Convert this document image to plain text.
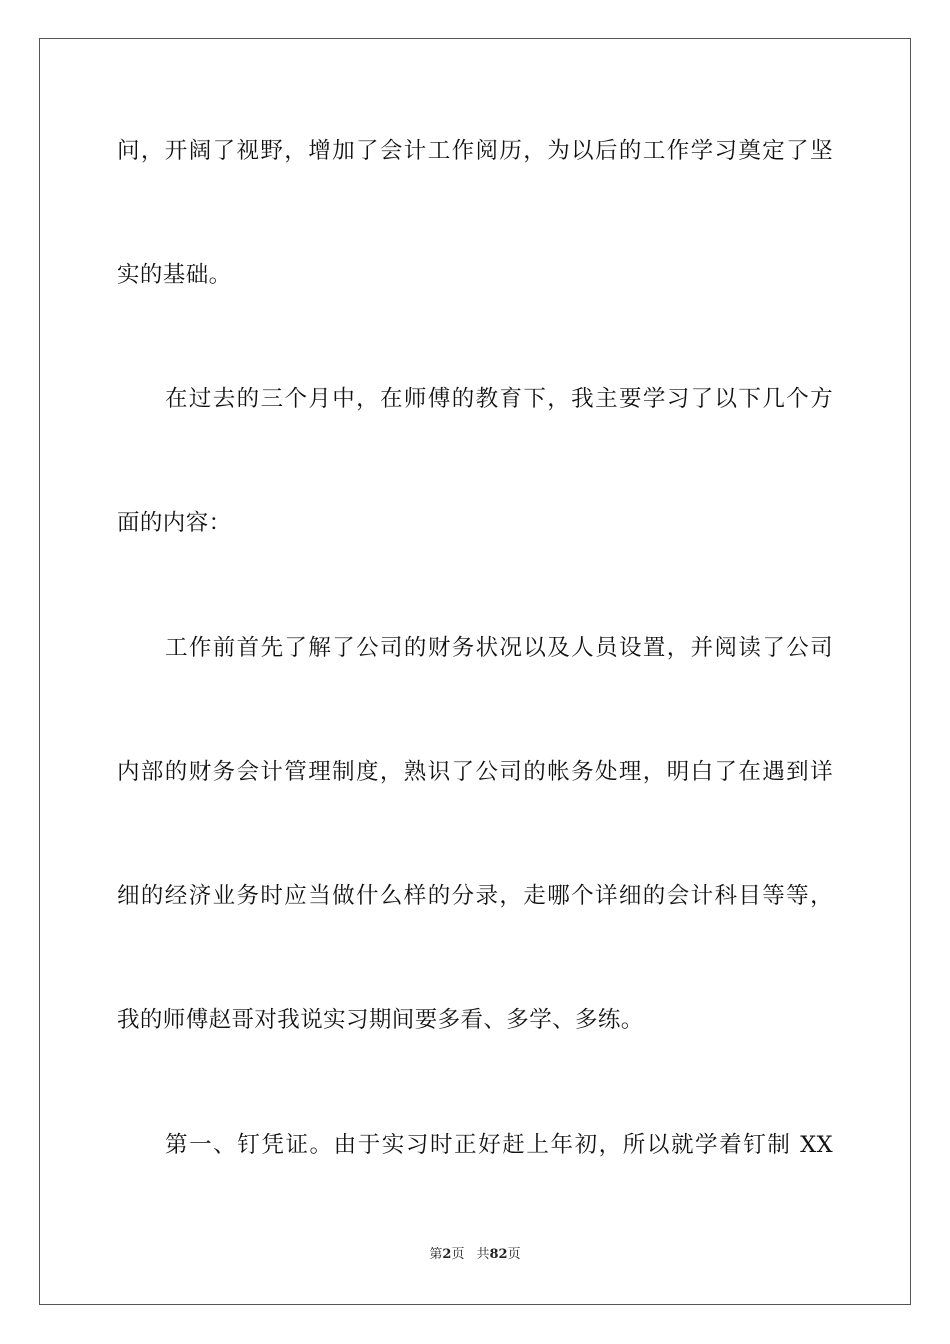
问，开阔了视野，增加了会计工作阅历，为以后的工作学习奠定了坚
实的基础。
在过去的三个月中，在师傅的教育下，我主要学习了以下几个方
面的内容：
工作前首先了解了公司的财务状况以及人员设置，并阅读了公司
内部的财务会计管理制度，熟识了公司的帐务处理，明白了在遇到详
细的经济业务时应当做什么样的分录，走哪个详细的会计科目等等，
我的师傅赵哥对我说实习期间要多看、多学、多练。
第一、钉凭证。由于实习时正好赶上年初，所以就学着钉制 XX
第2页 共82页
